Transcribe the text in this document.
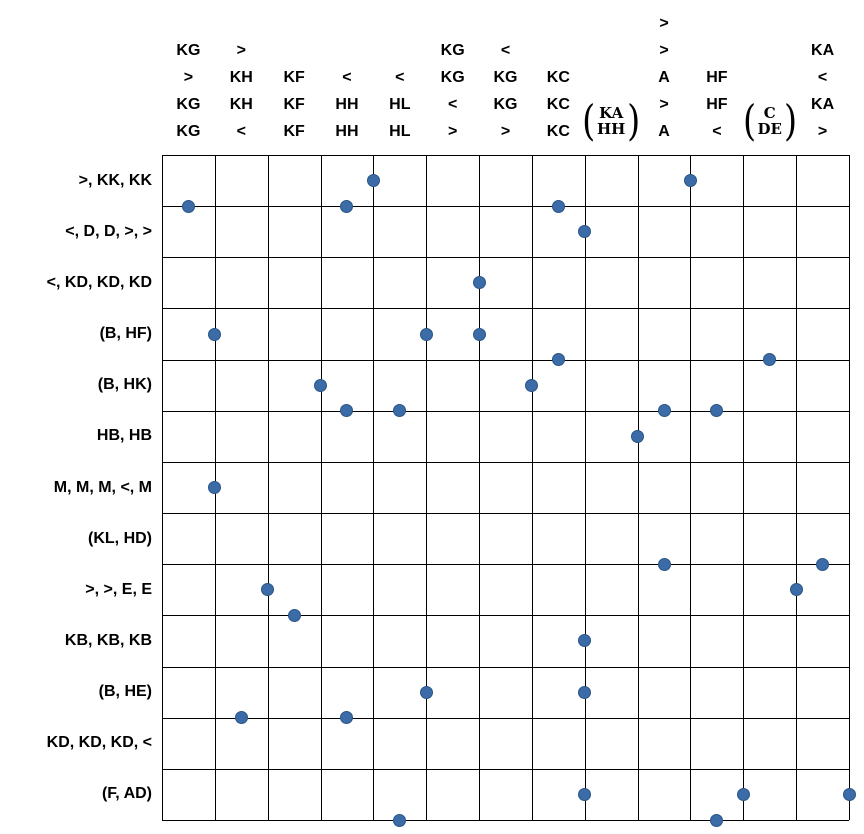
KG
>
KG
KG
>
KH
KH
<
KF
KF
KF
<
HH
HH
<
HL
HL
KG
KG
<
>
<
KG
KG
>
KC
KC
KC ( KA
HH )
>
>
A
>
A
HF
HF
< ( C
DE )
KA
<
KA
>
>, KK, KK
<, D, D, >, >
<, KD, KD, KD
(B, HF)
(B, HK)
HB, HB
M, M, M, <, M
(KL, HD)
>, >, E, E
KB, KB, KB
(B, HE)
KD, KD, KD, <
(F, AD)
